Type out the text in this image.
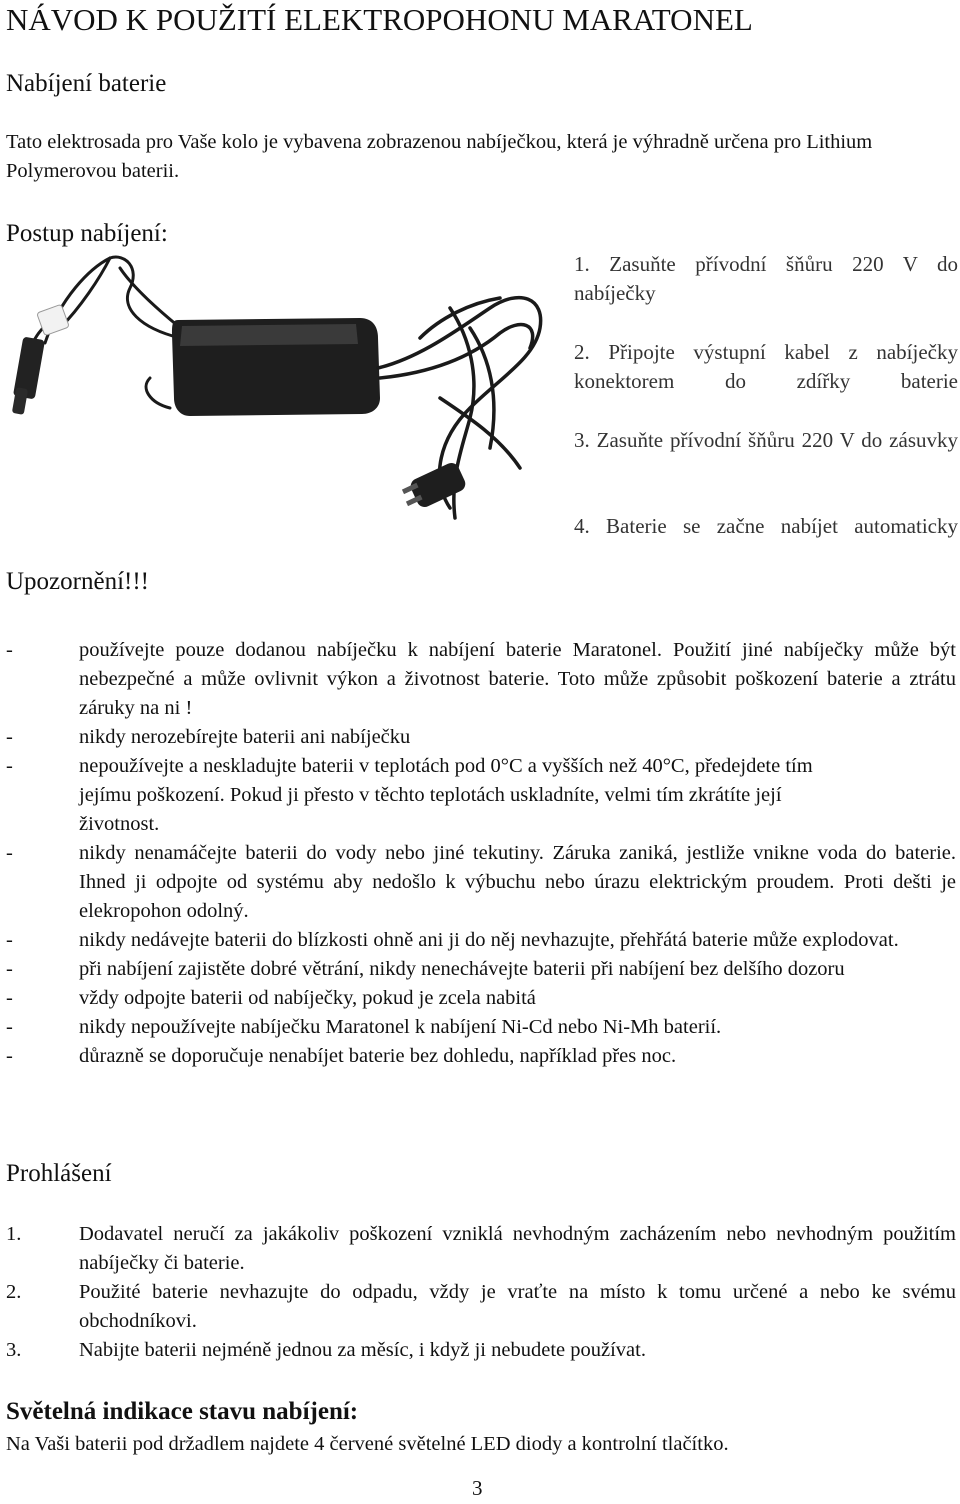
NÁVOD K POUŽITÍ ELEKTROPOHONU MARATONEL
Nabíjení baterie
Tato elektrosada pro Vaše kolo je vybavena zobrazenou nabíječkou, která je výhradně určena pro Lithium Polymerovou baterii.
Postup nabíjení:
1. Zasuňte přívodní šňůru 220 V do nabíječky
2. Připojte výstupní kabel z nabíječky konektorem do zdířky baterie
3. Zasuňte přívodní šňůru 220 V do zásuvky
4. Baterie se začne nabíjet automaticky
Upozornění!!!
-	používejte pouze dodanou nabíječku k nabíjení baterie Maratonel. Použití jiné nabíječky může být nebezpečné a může ovlivnit výkon a životnost baterie. Toto může způsobit poškození baterie a ztrátu záruky na ni !
-	nikdy nerozebírejte baterii ani nabíječku
-	nepoužívejte a neskladujte baterii v teplotách pod 0°C a vyšších než 40°C, předejdete tím jejímu poškození. Pokud ji přesto v těchto teplotách uskladníte, velmi tím zkrátíte její životnost.
-	nikdy nenamáčejte baterii do vody nebo jiné tekutiny. Záruka zaniká, jestliže vnikne voda do baterie. Ihned ji odpojte od systému aby nedošlo k výbuchu nebo úrazu elektrickým proudem. Proti dešti je elekropohon odolný.
-	nikdy nedávejte baterii do blízkosti ohně ani ji do něj nevhazujte, přehřátá baterie může explodovat.
-	při nabíjení zajistěte dobré větrání, nikdy nenechávejte baterii při nabíjení bez delšího dozoru
-	vždy odpojte baterii od nabíječky, pokud je zcela nabitá
-	nikdy nepoužívejte nabíječku Maratonel k nabíjení Ni-Cd nebo Ni-Mh baterií.
-	důrazně se doporučuje nenabíjet baterie bez dohledu, například přes noc.
Prohlášení
1.	Dodavatel neručí za jakákoliv poškození vzniklá nevhodným zacházením nebo nevhodným použitím nabíječky či baterie.
2.	Použité baterie nevhazujte do odpadu, vždy je vraťte na místo k tomu určené a nebo ke svému obchodníkovi.
3.	Nabijte baterii nejméně jednou za měsíc, i když ji nebudete používat.
Světelná indikace stavu nabíjení:
Na Vaši baterii pod držadlem najdete 4 červené světelné LED diody a kontrolní tlačítko.
3
